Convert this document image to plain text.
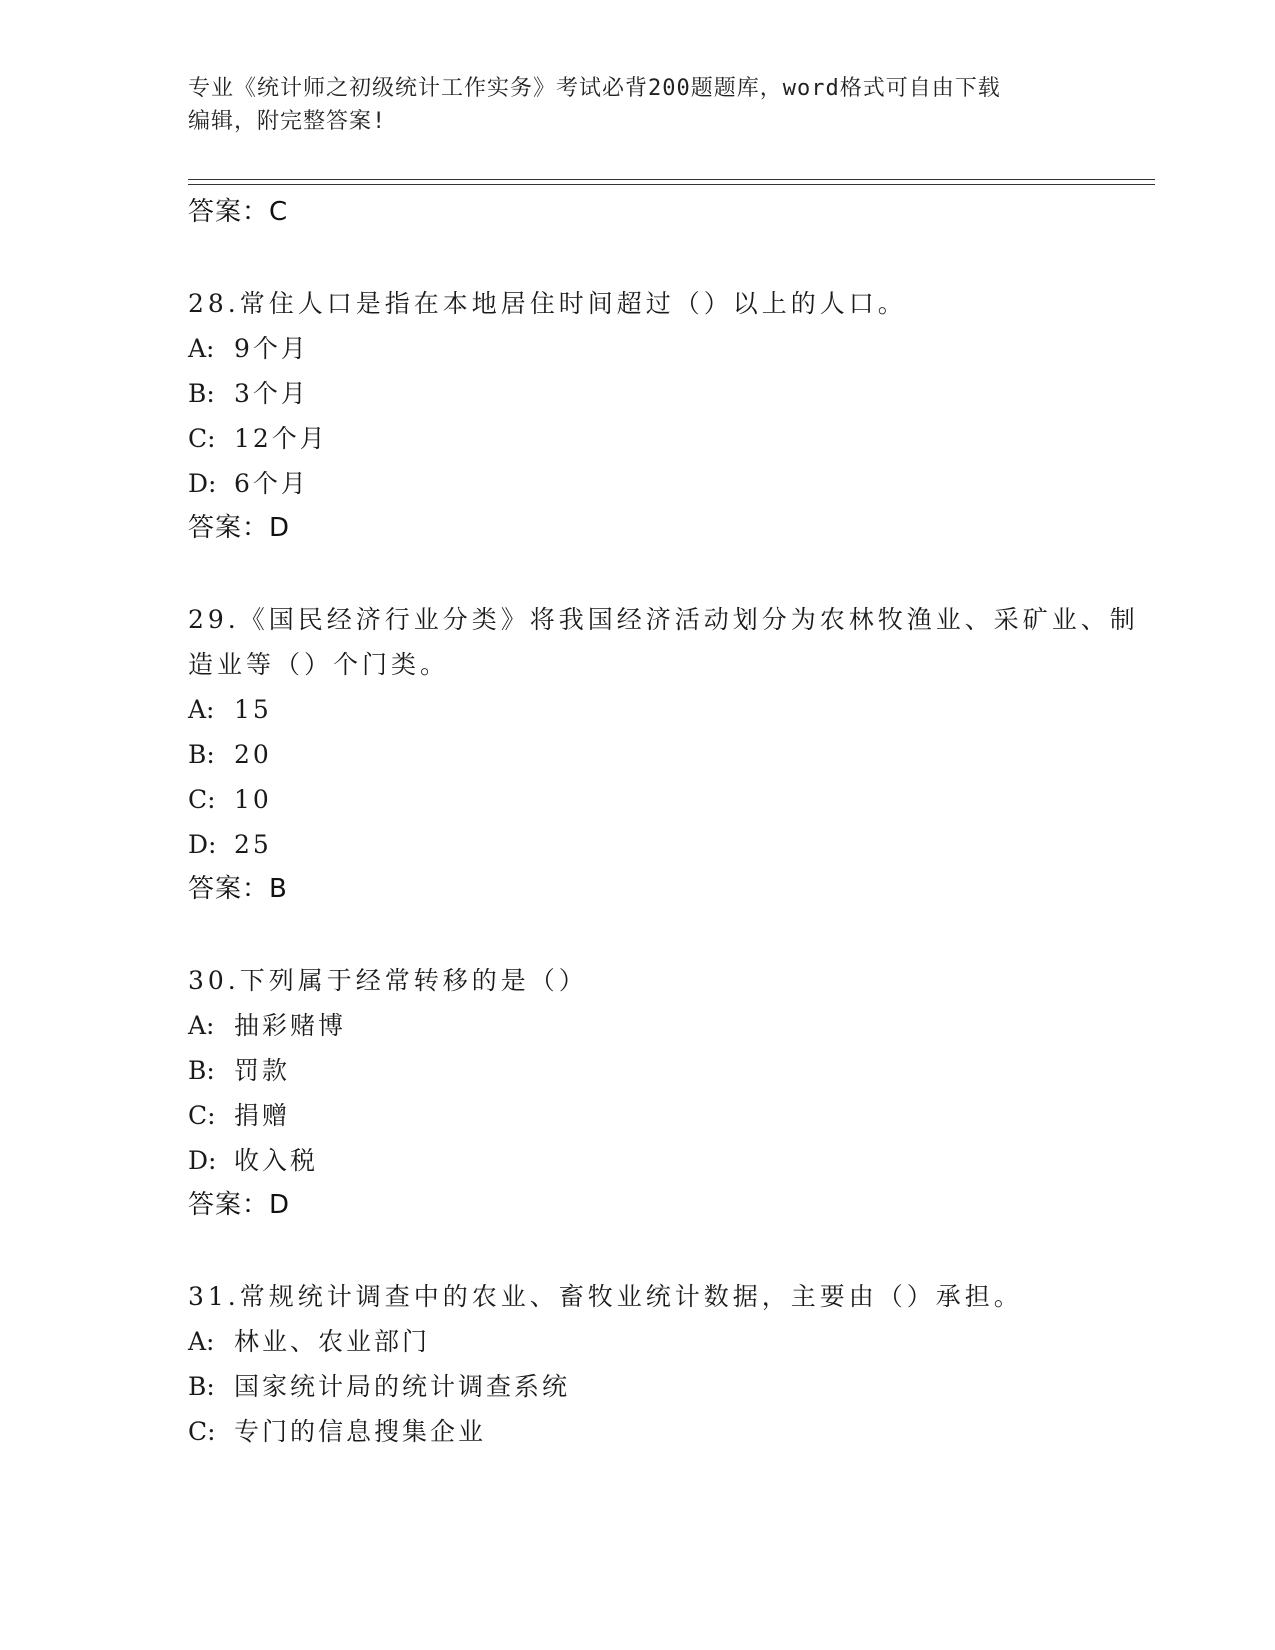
专业《统计师之初级统计工作实务》考试必背200题题库，word格式可自由下载
编辑，附完整答案!
答案：C
28.常住人口是指在本地居住时间超过（）以上的人口。
A: 9个月
B: 3个月
C: 12个月
D: 6个月
答案：D
29.《国民经济行业分类》将我国经济活动划分为农林牧渔业、采矿业、制造业等（）个门类。
A: 15
B: 20
C: 10
D: 25
答案：B
30.下列属于经常转移的是（）
A: 抽彩赌博
B: 罚款
C: 捐赠
D: 收入税
答案：D
31.常规统计调查中的农业、畜牧业统计数据，主要由（）承担。
A: 林业、农业部门
B: 国家统计局的统计调查系统
C: 专门的信息搜集企业
